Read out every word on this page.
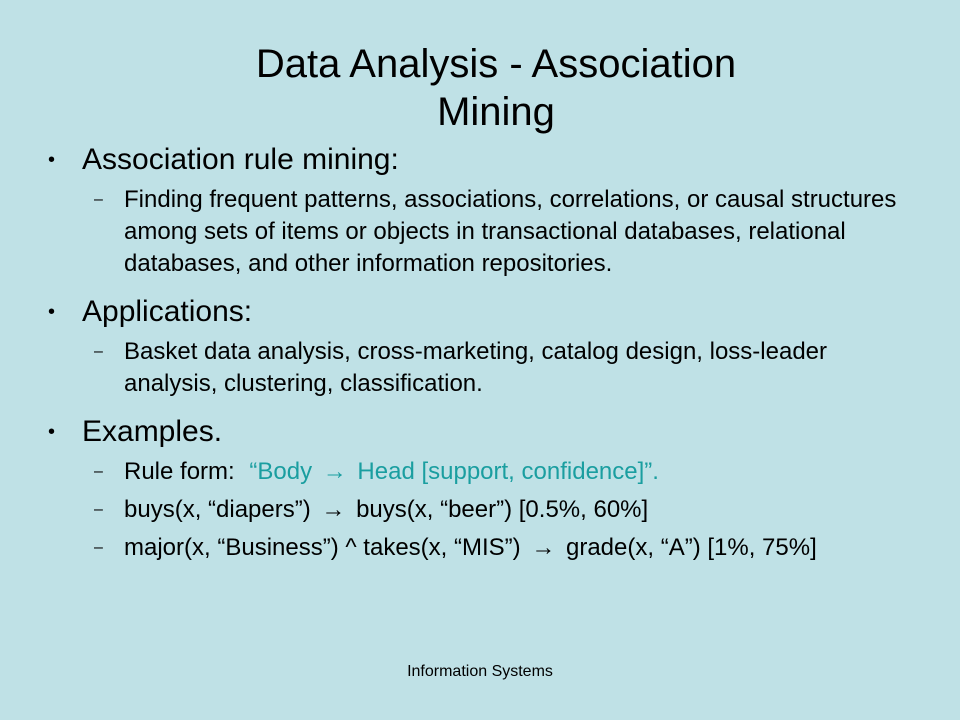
Data Analysis - Association
Mining
• Association rule mining:
– Finding frequent patterns, associations, correlations, or causal structures among sets of items or objects in transactional databases, relational databases, and other information repositories.
• Applications:
– Basket data analysis, cross-marketing, catalog design, loss-leader analysis, clustering, classification.
• Examples.
– Rule form: “Body → Head [support, confidence]”.
– buys(x, “diapers”) → buys(x, “beer”) [0.5%, 60%]
– major(x, “Business”) ^ takes(x, “MIS”) → grade(x, “A”) [1%, 75%]
Information Systems
